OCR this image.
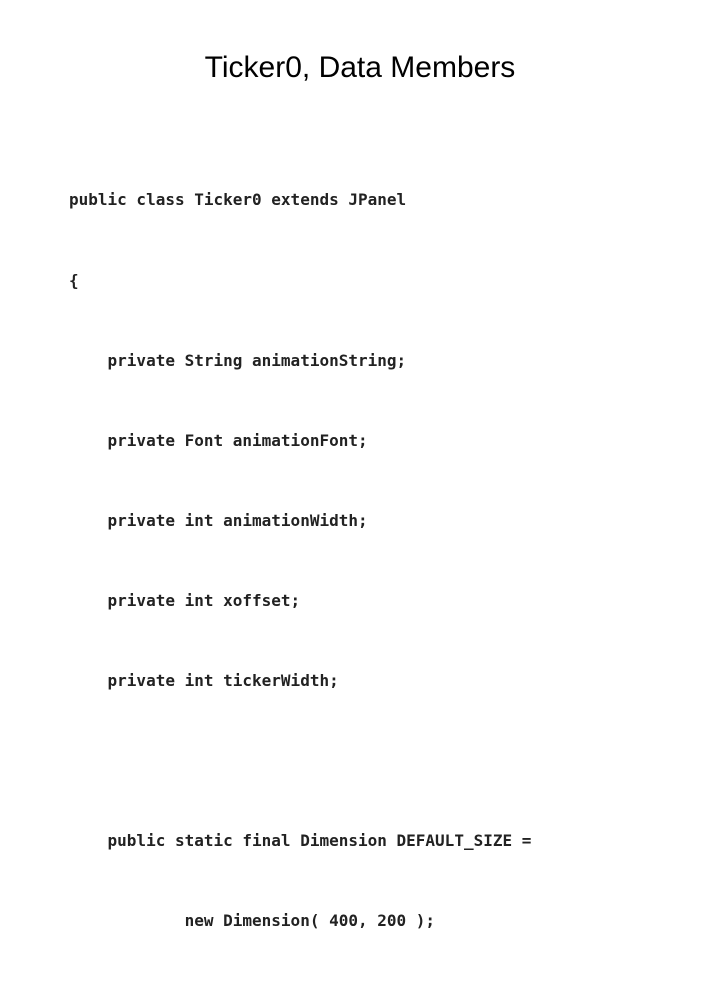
Ticker0, Data Members

public class Ticker0 extends JPanel

{

private String animationString;

private Font animationFont;

private int animationWidth;

private int xoffset;

private int tickerWidth;

public static final Dimension DEFAULT_SIZE =

new Dimension( 400, 200 );
